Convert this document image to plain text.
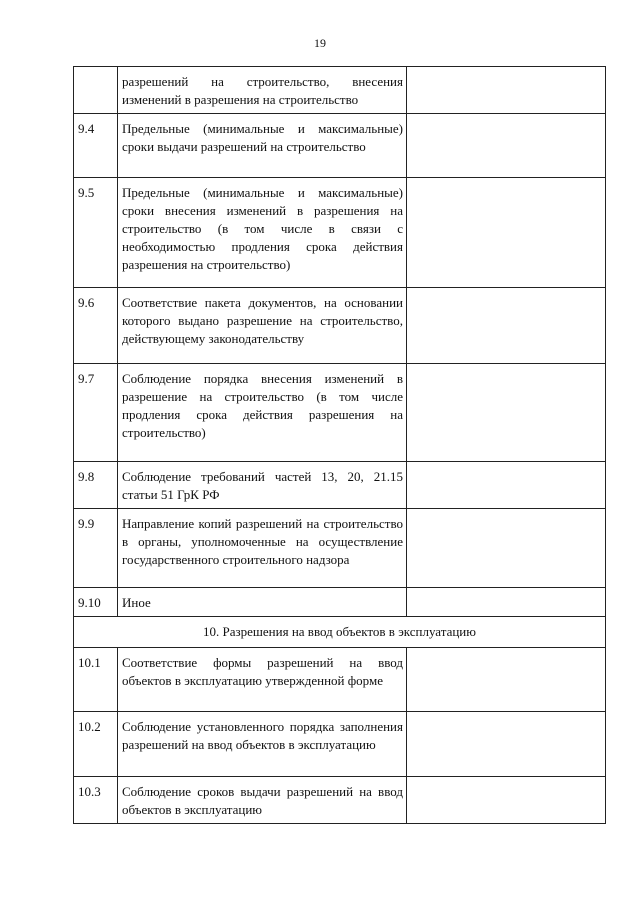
19
	разрешений на строительство, внесения изменений в разрешения на строительство	
9.4	Предельные (минимальные и максимальные) сроки выдачи разрешений на строительство	
9.5	Предельные (минимальные и максимальные) сроки внесения изменений в разрешения на строительство (в том числе в связи с необходимостью продления срока действия разрешения на строительство)	
9.6	Соответствие пакета документов, на основании которого выдано разрешение на строительство, действующему законодательству	
9.7	Соблюдение порядка внесения изменений в разрешение на строительство (в том числе продления срока действия разрешения на строительство)	
9.8	Соблюдение требований частей 13, 20, 21.15 статьи 51 ГрК РФ	
9.9	Направление копий разрешений на строительство в органы, уполномоченные на осуществление государственного строительного надзора	
9.10	Иное	
10. Разрешения на ввод объектов в эксплуатацию		
10.1	Соответствие формы разрешений на ввод объектов в эксплуатацию утвержденной форме	
10.2	Соблюдение установленного порядка заполнения разрешений на ввод объектов в эксплуатацию	
10.3	Соблюдение сроков выдачи разрешений на ввод объектов в эксплуатацию	
